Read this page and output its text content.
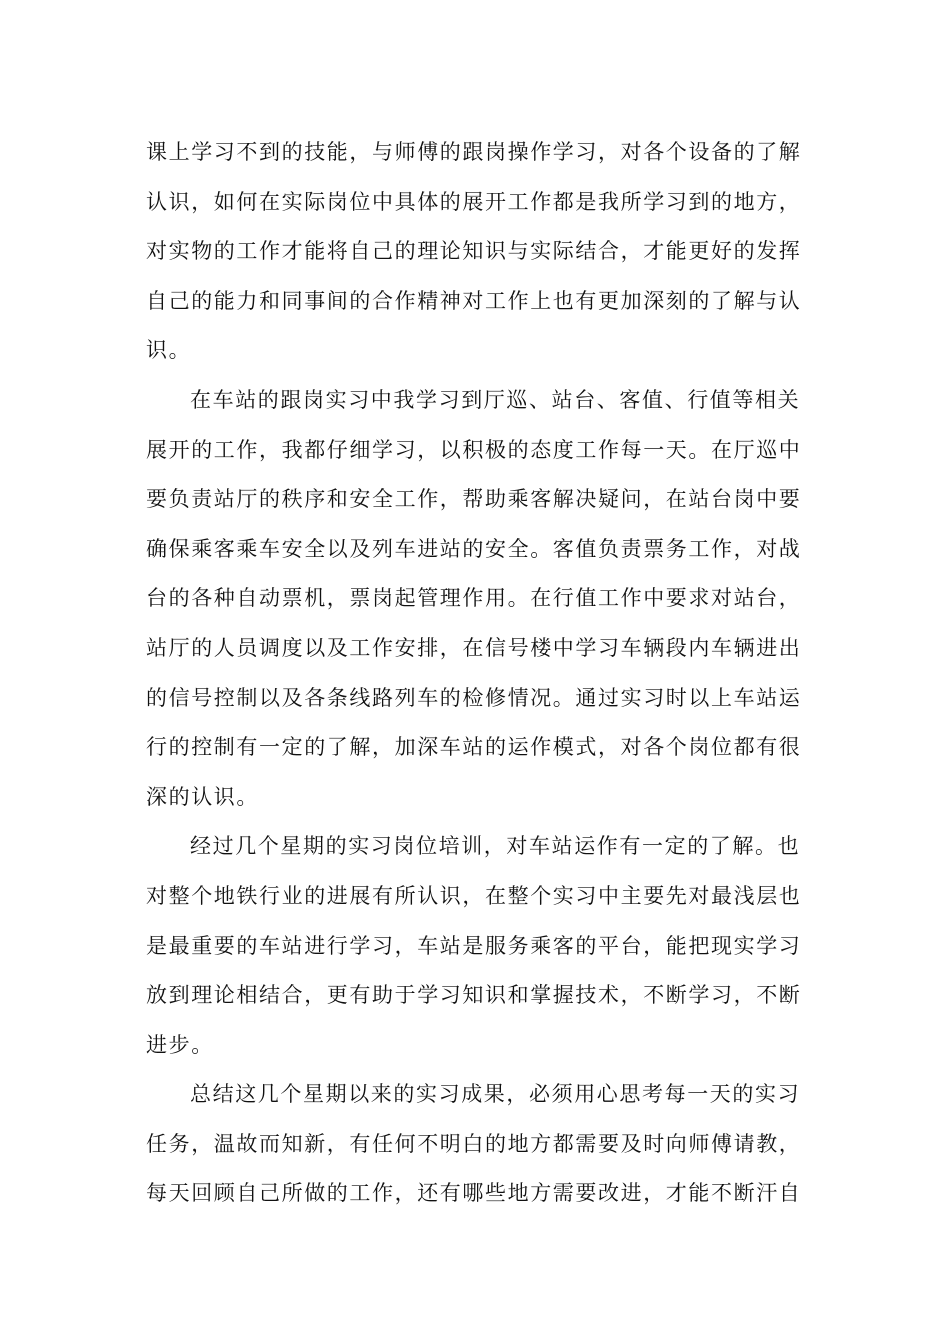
课上学习不到的技能，与师傅的跟岗操作学习，对各个设备的了解
认识，如何在实际岗位中具体的展开工作都是我所学习到的地方，
对实物的工作才能将自己的理论知识与实际结合，才能更好的发挥
自己的能力和同事间的合作精神对工作上也有更加深刻的了解与认
识。
在车站的跟岗实习中我学习到厅巡、站台、客值、行值等相关
展开的工作，我都仔细学习，以积极的态度工作每一天。在厅巡中
要负责站厅的秩序和安全工作，帮助乘客解决疑问，在站台岗中要
确保乘客乘车安全以及列车进站的安全。客值负责票务工作，对战
台的各种自动票机，票岗起管理作用。在行值工作中要求对站台，
站厅的人员调度以及工作安排，在信号楼中学习车辆段内车辆进出
的信号控制以及各条线路列车的检修情况。通过实习时以上车站运
行的控制有一定的了解，加深车站的运作模式，对各个岗位都有很
深的认识。
经过几个星期的实习岗位培训，对车站运作有一定的了解。也
对整个地铁行业的进展有所认识，在整个实习中主要先对最浅层也
是最重要的车站进行学习，车站是服务乘客的平台，能把现实学习
放到理论相结合，更有助于学习知识和掌握技术，不断学习，不断
进步。
总结这几个星期以来的实习成果，必须用心思考每一天的实习
任务，温故而知新，有任何不明白的地方都需要及时向师傅请教，
每天回顾自己所做的工作，还有哪些地方需要改进，才能不断汗自
